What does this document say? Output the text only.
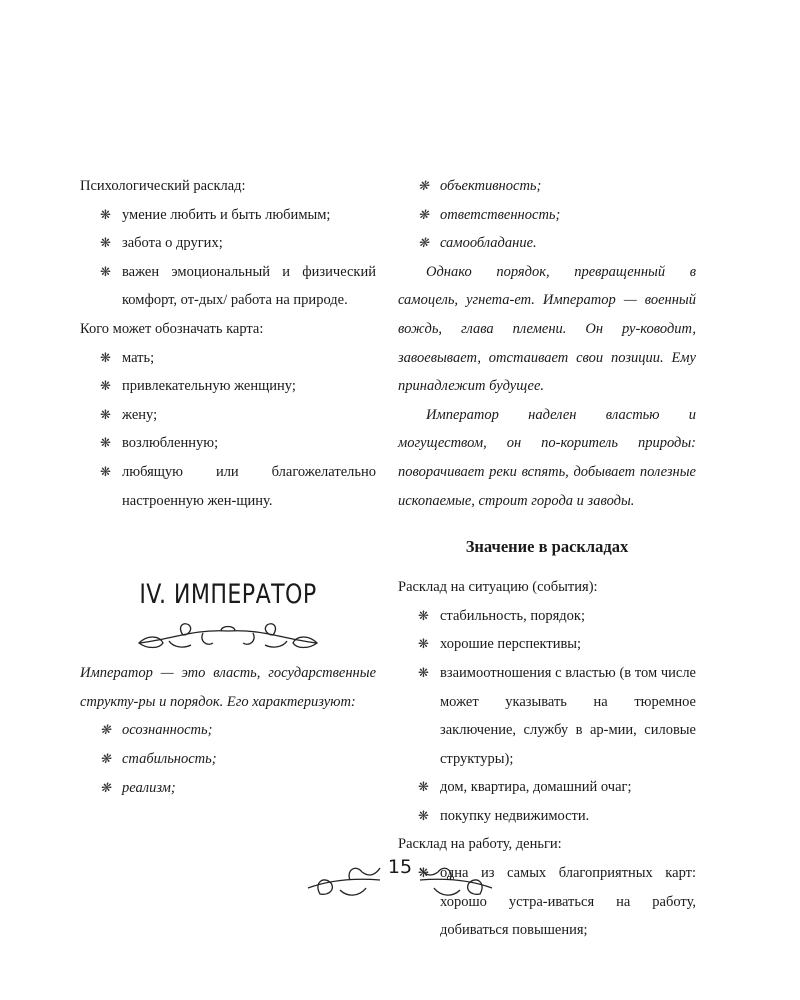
Психологический расклад:

❋ умение любить и быть любимым;
❋ забота о других;
❋ важен эмоциональный и физический комфорт, от-дых/ работа на природе.

Кого может обозначать карта:

❋ мать;
❋ привлекательную женщину;
❋ жену;
❋ возлюбленную;
❋ любящую или благожелательно настроенную жен-щину.
IV. ИМПЕРАТОР

Император — это власть, государственные структу-ры и порядок. Его характеризуют:

❋ осознанность;
❋ стабильность;
❋ реализм;
❋ объективность;
❋ ответственность;
❋ самообладание.

Однако порядок, превращенный в самоцель, угнета-ет. Император — военный вождь, глава племени. Он ру-ководит, завоевывает, отстаивает свои позиции. Ему принадлежит будущее.

Император наделен властью и могуществом, он по-коритель природы: поворачивает реки вспять, добывает полезные ископаемые, строит города и заводы.

Значение в раскладах

Расклад на ситуацию (события):

❋ стабильность, порядок;
❋ хорошие перспективы;
❋ взаимоотношения с властью (в том числе может указывать на тюремное заключение, службу в ар-мии, силовые структуры);
❋ дом, квартира, домашний очаг;
❋ покупку недвижимости.

Расклад на работу, деньги:

❋ одна из самых благоприятных карт: хорошо устра-иваться на работу, добиваться повышения;
15
